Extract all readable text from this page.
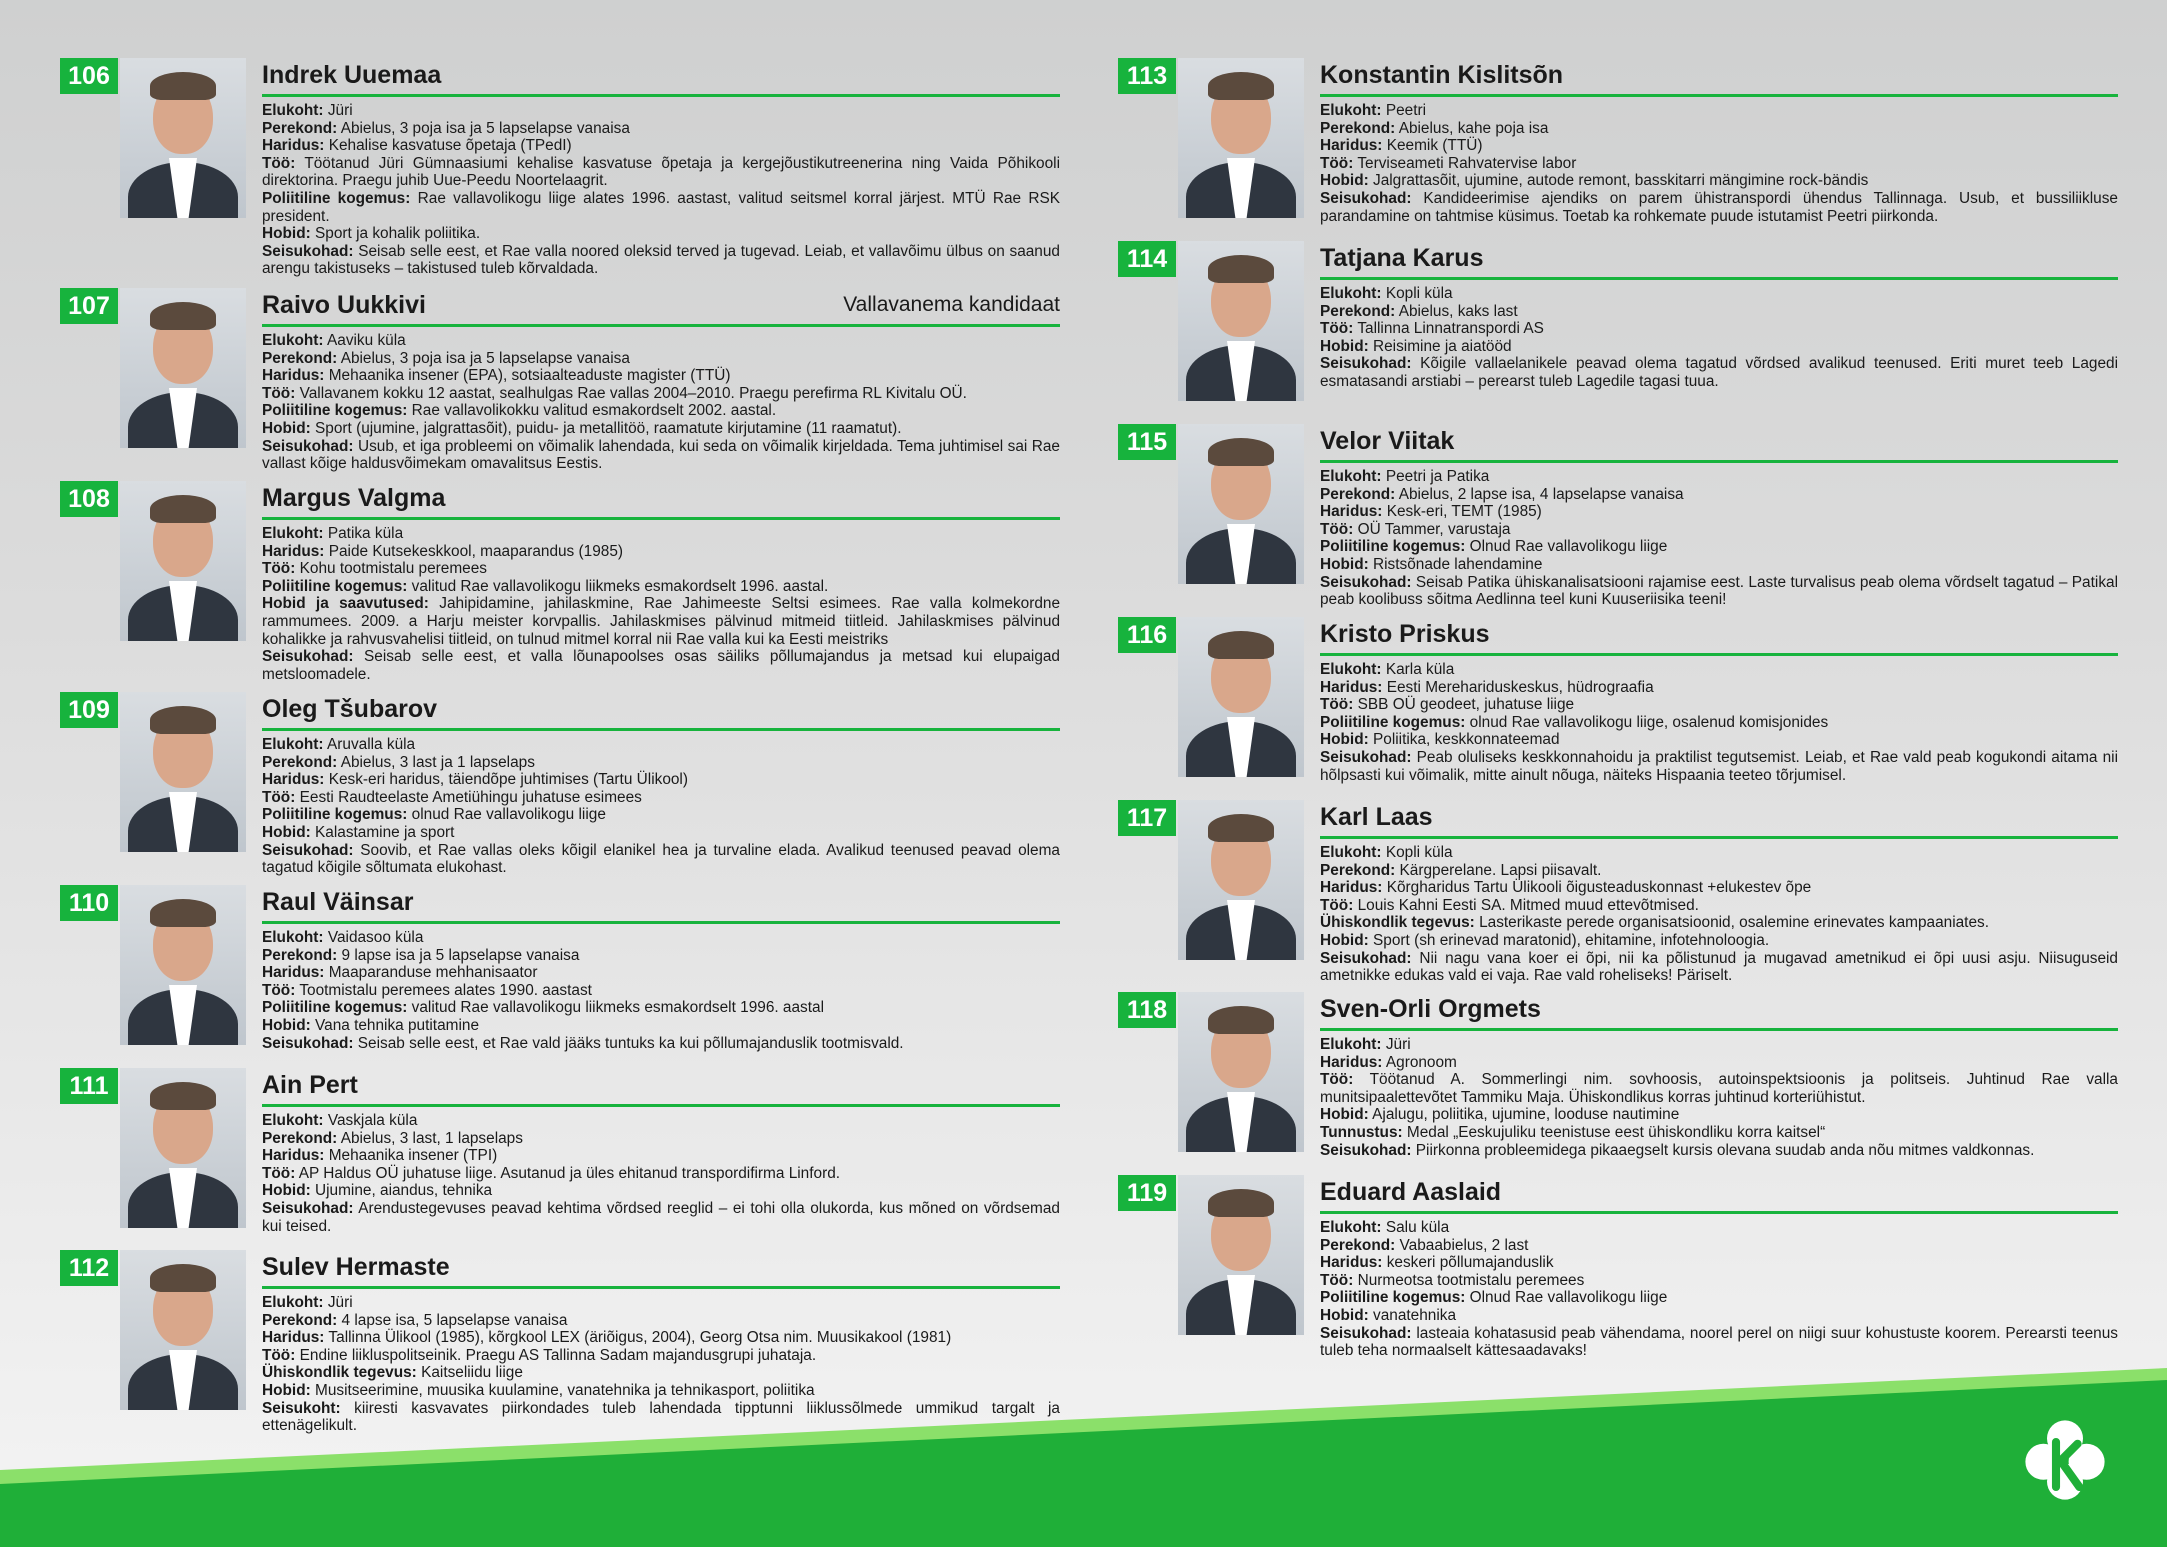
106	Indrek Uuemaa
Elukoht: Jüri
Perekond: Abielus, 3 poja isa ja 5 lapselapse vanaisa
Haridus: Kehalise kasvatuse õpetaja (TPedI)
Töö: Töötanud Jüri Gümnaasiumi kehalise kasvatuse õpetaja ja kergejõustikutreenerina ning Vaida Põhikooli direktorina. Praegu juhib Uue-Peedu Noortelaagrit.
Poliitiline kogemus: Rae vallavolikogu liige alates 1996. aastast, valitud seitsmel korral järjest. MTÜ Rae RSK president.
Hobid: Sport ja kohalik poliitika.
Seisukohad: Seisab selle eest, et Rae valla noored oleksid terved ja tugevad. Leiab, et vallavõimu ülbus on saanud arengu takistuseks – takistused tuleb kõrvaldada.
107	Raivo Uukkivi	Vallavanema kandidaat
Elukoht: Aaviku küla
Perekond: Abielus, 3 poja isa ja 5 lapselapse vanaisa
Haridus: Mehaanika insener (EPA), sotsiaalteaduste magister (TTÜ)
Töö: Vallavanem kokku 12 aastat, sealhulgas Rae vallas 2004–2010. Praegu perefirma RL Kivitalu OÜ.
Poliitiline kogemus: Rae vallavolikokku valitud esmakordselt 2002. aastal.
Hobid: Sport (ujumine, jalgrattasõit), puidu- ja metallitöö, raamatute kirjutamine (11 raamatut).
Seisukohad: Usub, et iga probleemi on võimalik lahendada, kui seda on võimalik kirjeldada. Tema juhtimisel sai Rae vallast kõige haldusvõimekam omavalitsus Eestis.
108	Margus Valgma
Elukoht: Patika küla
Haridus: Paide Kutsekeskkool, maaparandus (1985)
Töö: Kohu tootmistalu peremees
Poliitiline kogemus: valitud Rae vallavolikogu liikmeks esmakordselt 1996. aastal.
Hobid ja saavutused: Jahipidamine, jahilaskmine, Rae Jahimeeste Seltsi esimees. Rae valla kolmekordne rammumees. 2009. a Harju meister korvpallis. Jahilaskmises pälvinud mitmeid tiitleid. Jahilaskmises pälvinud kohalikke ja rahvusvahelisi tiitleid, on tulnud mitmel korral nii Rae valla kui ka Eesti meistriks
Seisukohad: Seisab selle eest, et valla lõunapoolses osas säiliks põllumajandus ja metsad kui elupaigad metsloomadele.
109	Oleg Tšubarov
Elukoht: Aruvalla küla
Perekond: Abielus, 3 last ja 1 lapselaps
Haridus: Kesk-eri haridus, täiendõpe juhtimises (Tartu Ülikool)
Töö: Eesti Raudteelaste Ametiühingu juhatuse esimees
Poliitiline kogemus: olnud Rae vallavolikogu liige
Hobid: Kalastamine ja sport
Seisukohad: Soovib, et Rae vallas oleks kõigil elanikel hea ja turvaline elada. Avalikud teenused peavad olema tagatud kõigile sõltumata elukohast.
110	Raul Väinsar
Elukoht: Vaidasoo küla
Perekond: 9 lapse isa ja 5 lapselapse vanaisa
Haridus: Maaparanduse mehhanisaator
Töö: Tootmistalu peremees alates 1990. aastast
Poliitiline kogemus: valitud Rae vallavolikogu liikmeks esmakordselt 1996. aastal
Hobid: Vana tehnika putitamine
Seisukohad: Seisab selle eest, et Rae vald jääks tuntuks ka kui põllumajanduslik tootmisvald.
111	Ain Pert
Elukoht: Vaskjala küla
Perekond: Abielus, 3 last, 1 lapselaps
Haridus: Mehaanika insener (TPI)
Töö: AP Haldus OÜ juhatuse liige. Asutanud ja üles ehitanud transpordifirma Linford.
Hobid: Ujumine, aiandus, tehnika
Seisukohad: Arendustegevuses peavad kehtima võrdsed reeglid – ei tohi olla olukorda, kus mõned on võrdsemad kui teised.
112	Sulev Hermaste
Elukoht: Jüri
Perekond: 4 lapse isa, 5 lapselapse vanaisa
Haridus: Tallinna Ülikool (1985), kõrgkool LEX (äriõigus, 2004), Georg Otsa nim. Muusikakool (1981)
Töö: Endine liikluspolitseinik. Praegu AS Tallinna Sadam majandusgrupi juhataja.
Ühiskondlik tegevus: Kaitseliidu liige
Hobid: Musitseerimine, muusika kuulamine, vanatehnika ja tehnikasport, poliitika
Seisukoht: kiiresti kasvavates piirkondades tuleb lahendada tipptunni liiklussõlmede ummikud targalt ja ettenägelikult.
113	Konstantin Kislitsõn
Elukoht: Peetri
Perekond: Abielus, kahe poja isa
Haridus: Keemik (TTÜ)
Töö: Terviseameti Rahvatervise labor
Hobid: Jalgrattasõit, ujumine, autode remont, basskitarri mängimine rock-bändis
Seisukohad: Kandideerimise ajendiks on parem ühistranspordi ühendus Tallinnaga. Usub, et bussiliikluse parandamine on tahtmise küsimus. Toetab ka rohkemate puude istutamist Peetri piirkonda.
114	Tatjana Karus
Elukoht: Kopli küla
Perekond: Abielus, kaks last
Töö: Tallinna Linnatranspordi AS
Hobid: Reisimine ja aiatööd
Seisukohad: Kõigile vallaelanikele peavad olema tagatud võrdsed avalikud teenused. Eriti muret teeb Lagedi esmatasandi arstiabi – perearst tuleb Lagedile tagasi tuua.
115	Velor Viitak
Elukoht: Peetri ja Patika
Perekond: Abielus, 2 lapse isa, 4 lapselapse vanaisa
Haridus: Kesk-eri, TEMT (1985)
Töö: OÜ Tammer, varustaja
Poliitiline kogemus: Olnud Rae vallavolikogu liige
Hobid: Ristsõnade lahendamine
Seisukohad: Seisab Patika ühiskanalisatsiooni rajamise eest. Laste turvalisus peab olema võrdselt tagatud – Patikal peab koolibuss sõitma Aedlinna teel kuni Kuuseriisika teeni!
116	Kristo Priskus
Elukoht: Karla küla
Haridus: Eesti Merehariduskeskus, hüdrograafia
Töö: SBB OÜ geodeet, juhatuse liige
Poliitiline kogemus: olnud Rae vallavolikogu liige, osalenud komisjonides
Hobid: Poliitika, keskkonnateemad
Seisukohad: Peab oluliseks keskkonnahoidu ja praktilist tegutsemist. Leiab, et Rae vald peab kogukondi aitama nii hõlpsasti kui võimalik, mitte ainult nõuga, näiteks Hispaania teeteo tõrjumisel.
117	Karl Laas
Elukoht: Kopli küla
Perekond: Kärgperelane. Lapsi piisavalt.
Haridus: Kõrgharidus Tartu Ülikooli õigusteaduskonnast +elukestev õpe
Töö: Louis Kahni Eesti SA. Mitmed muud ettevõtmised.
Ühiskondlik tegevus: Lasterikaste perede organisatsioonid, osalemine erinevates kampaaniates.
Hobid: Sport (sh erinevad maratonid), ehitamine, infotehnoloogia.
Seisukohad: Nii nagu vana koer ei õpi, nii ka põlistunud ja mugavad ametnikud ei õpi uusi asju. Niisuguseid ametnikke edukas vald ei vaja. Rae vald roheliseks! Päriselt.
118	Sven-Orli Orgmets
Elukoht: Jüri
Haridus: Agronoom
Töö: Töötanud A. Sommerlingi nim. sovhoosis, autoinspektsioonis ja politseis. Juhtinud Rae valla munitsipaalettevõtet Tammiku Maja. Ühiskondlikus korras juhtinud korteriühistut.
Hobid: Ajalugu, poliitika, ujumine, looduse nautimine
Tunnustus: Medal „Eeskujuliku teenistuse eest ühiskondliku korra kaitsel“
Seisukohad: Piirkonna probleemidega pikaaegselt kursis olevana suudab anda nõu mitmes valdkonnas.
119	Eduard Aaslaid
Elukoht: Salu küla
Perekond: Vabaabielus, 2 last
Haridus: keskeri põllumajanduslik
Töö: Nurmeotsa tootmistalu peremees
Poliitiline kogemus: Olnud Rae vallavolikogu liige
Hobid: vanatehnika
Seisukohad: lasteaia kohatasusid peab vähendama, noorel perel on niigi suur kohustuste koorem. Perearsti teenus tuleb teha normaalselt kättesaadavaks!
